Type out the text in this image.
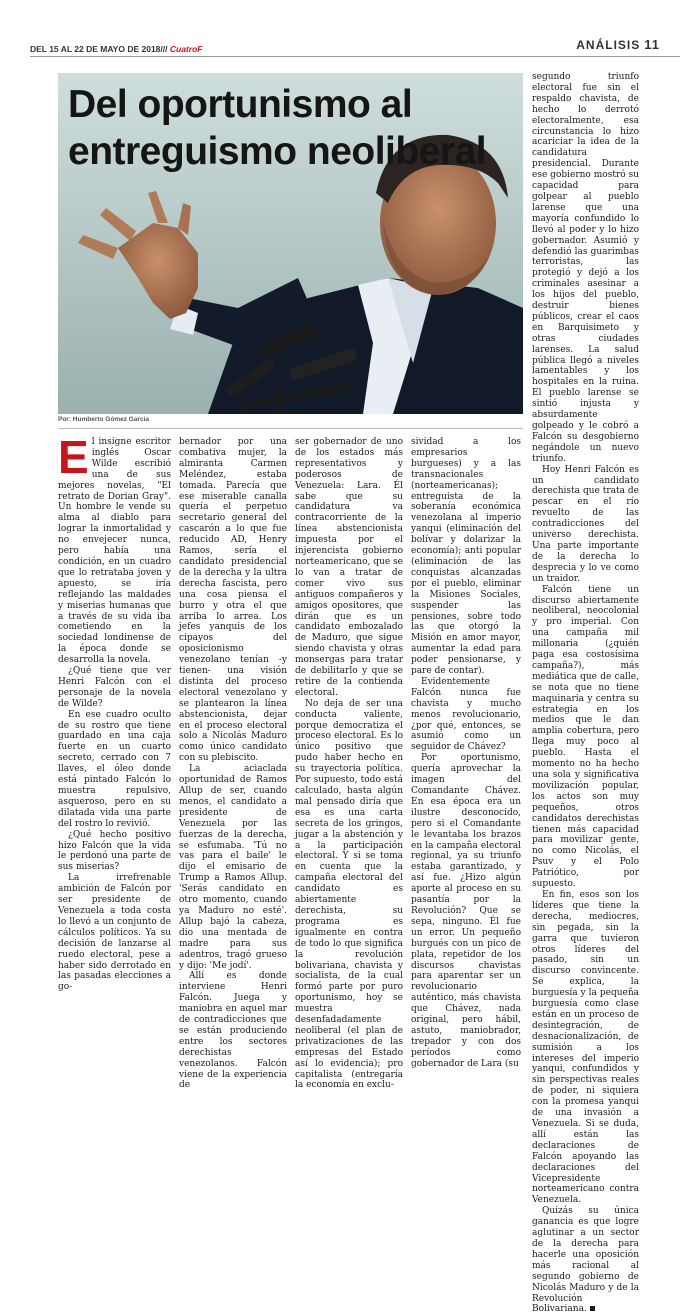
DEL 15 AL 22 DE MAYO DE 2018/// CuatroF	ANÁLISIS 11
Del oportunismo al entreguismo neoliberal
Por: Humberto Gómez García

El insigne escritor inglés Oscar Wilde escribió una de sus mejores novelas, "El retrato de Dorian Gray". Un hombre le vende su alma al diablo para lograr la inmortalidad y no envejecer nunca, pero había una condición, en un cuadro que lo retrataba joven y apuesto, se iría reflejando las maldades y miserias humanas que a través de su vida iba cometiendo en la sociedad londinense de la época donde se desarrolla la novela.

¿Qué tiene que ver Henri Falcón con el personaje de la novela de Wilde?

En ese cuadro oculto de su rostro que tiene guardado en una caja fuerte en un cuarto secreto, cerrado con 7 llaves, el óleo donde está pintado Falcón lo muestra repulsivo, asqueroso, pero en su dilatada vida una parte del rostro lo revivió.

¿Qué hecho positivo hizo Falcón que la vida le perdonó una parte de sus miserias?

La irrefrenable ambición de Falcón por ser presidente de Venezuela a toda costa lo llevó a un conjunto de cálculos políticos. Ya su decisión de lanzarse al ruedo electoral, pese a haber sido derrotado en las pasadas elecciones a go-

bernador por una combativa mujer, la almiranta Carmen Meléndez, estaba tomada. Parecía que ese miserable canalla quería el perpetuo secretario general del cascarón a lo que fue reducido AD, Henry Ramos, sería el candidato presidencial de la derecha y la ultra derecha fascista, pero una cosa piensa el burro y otra el que arriba lo arrea. Los jefes yanquis de los cipayos del oposicionismo venezolano tenían -y tienen- una visión distinta del proceso electoral venezolano y se plantearon la línea abstencionista, dejar en el proceso electoral solo a Nicolás Maduro como único candidato con su plebiscito.

La aciaclada oportunidad de Ramos Allup de ser, cuando menos, el candidato a presidente de Venezuela por las fuerzas de la derecha, se esfumaba. 'Tú no vas para el baile' le dijo el emisario de Trump a Ramos Allup. 'Serás candidato en otro momento, cuando ya Maduro no esté'. Allup bajó la cabeza, dio una mentada de madre para sus adentros, tragó grueso y dijo: 'Me jodí'.

Allí es donde interviene Henri Falcón. Juega y maniobra en aquel mar de contradicciones que se están produciendo entre los sectores derechistas venezolanos. Falcón viene de la experiencia de

ser gobernador de uno de los estados más representativos y poderosos de Venezuela: Lara. Él sabe que su candidatura va contracorriente de la línea abstencionista impuesta por el injerencista gobierno norteamericano, que se lo van a tratar de comer vivo sus antiguos compañeros y amigos opositores, que dirán que es un candidato embozalado de Maduro, que sigue siendo chavista y otras monsergas para tratar de debilitarlo y que se retire de la contienda electoral.

No deja de ser una conducta valiente, porque democratiza el proceso electoral. Es lo único positivo que pudo haber hecho en su trayectoria política. Por supuesto, todo está calculado, hasta algún mal pensado diría que esa es una carta secreta de los gringos, jugar a la abstención y a la participación electoral. Y si se toma en cuenta que la campaña electoral del candidato es abiertamente derechista, su programa es igualmente en contra de todo lo que significa la revolución bolivariana, chavista y socialista, de la cual formó parte por puro oportunismo, hoy se muestra desenfadadamente neoliberal (el plan de privatizaciones de las empresas del Estado así lo evidencia); pro capitalista (entregaría la economía en exclu-

sividad a los empresarios burgueses) y a las transnacionales (norteamericanas); entreguista de la soberanía económica venezolana al imperio yanqui (eliminación del bolívar y dolarizar la economía); anti popular (eliminación de las conquistas alcanzadas por el pueblo, eliminar la Misiones Sociales, suspender las pensiones, sobre todo las que otorgó la Misión en amor mayor, aumentar la edad para poder pensionarse, y pare de contar).

Evidentemente Falcón nunca fue chavista y mucho menos revolucionario, ¿por qué, entonces, se asumió como un seguidor de Chávez?

Por oportunismo, quería aprovechar la imagen del Comandante Chávez. En esa época era un ilustre desconocido, pero si el Comandante le levantaba los brazos en la campaña electoral regional, ya su triunfo estaba garantizado, y así fue. ¿Hizo algún aporte al proceso en su pasantía por la Revolución? Que se sepa, ninguno. Él fue un error. Un pequeño burgués con un pico de plata, repetidor de los discursos chavistas para aparentar ser un revolucionario auténtico, más chavista que Chávez, nada original, pero hábil, astuto, maniobrador, trepador y con dos períodos como gobernador de Lara (su

segundo triunfo electoral fue sin el respaldo chavista, de hecho lo derrotó electoralmente, esa circunstancia lo hizo acariciar la idea de la candidatura presidencial. Durante ese gobierno mostró su capacidad para golpear al pueblo larense que una mayoría confundido lo llevó al poder y lo hizo gobernador. Asumió y defendió las guarimbas terroristas, las protegió y dejó a los criminales asesinar a los hijos del pueblo, destruir bienes públicos, crear el caos en Barquisimeto y otras ciudades larenses. La salud pública llegó a niveles lamentables y los hospitales en la ruina. El pueblo larense se sintió injusta y absurdamente golpeado y le cobró a Falcón su desgobierno negándole un nuevo triunfo.

Hoy Henri Falcón es un candidato derechista que trata de pescar en el río revuelto de las contradicciones del universo derechista. Una parte importante de la derecha lo desprecia y lo ve como un traidor.

Falcón tiene un discurso abiertamente neoliberal, neocolonial y pro imperial. Con una campaña mil millonaria (¿quién paga esa costosísima campaña?), más mediática que de calle, se nota que no tiene maquinaria y centra su estrategia en los medios que le dan amplia cobertura, pero llega muy poco al pueblo. Hasta el momento no ha hecho una sola y significativa movilización popular, los actos son muy pequeños, otros candidatos derechistas tienen más capacidad para movilizar gente, no como Nicolás, el Psuv y el Polo Patriótico, por supuesto.

En fin, esos son los líderes que tiene la derecha, mediocres, sin pegada, sin la garra que tuvieron otros líderes del pasado, sin un discurso convincente. Se explica, la burguesía y la pequeña burguesía como clase están en un proceso de desintegración, de desnacionalización, de sumisión a los intereses del imperio yanqui, confundidos y sin perspectivas reales de poder, ni siquiera con la promesa yanqui de una invasión a Venezuela. Si se duda, allí están las declaraciones de Falcón apoyando las declaraciones del Vicepresidente norteamericano contra Venezuela.

Quizás su única ganancia es que logre aglutinar a un sector de la derecha para hacerle una oposición más racional al segundo gobierno de Nicolás Maduro y de la Revolución Bolivariana.
